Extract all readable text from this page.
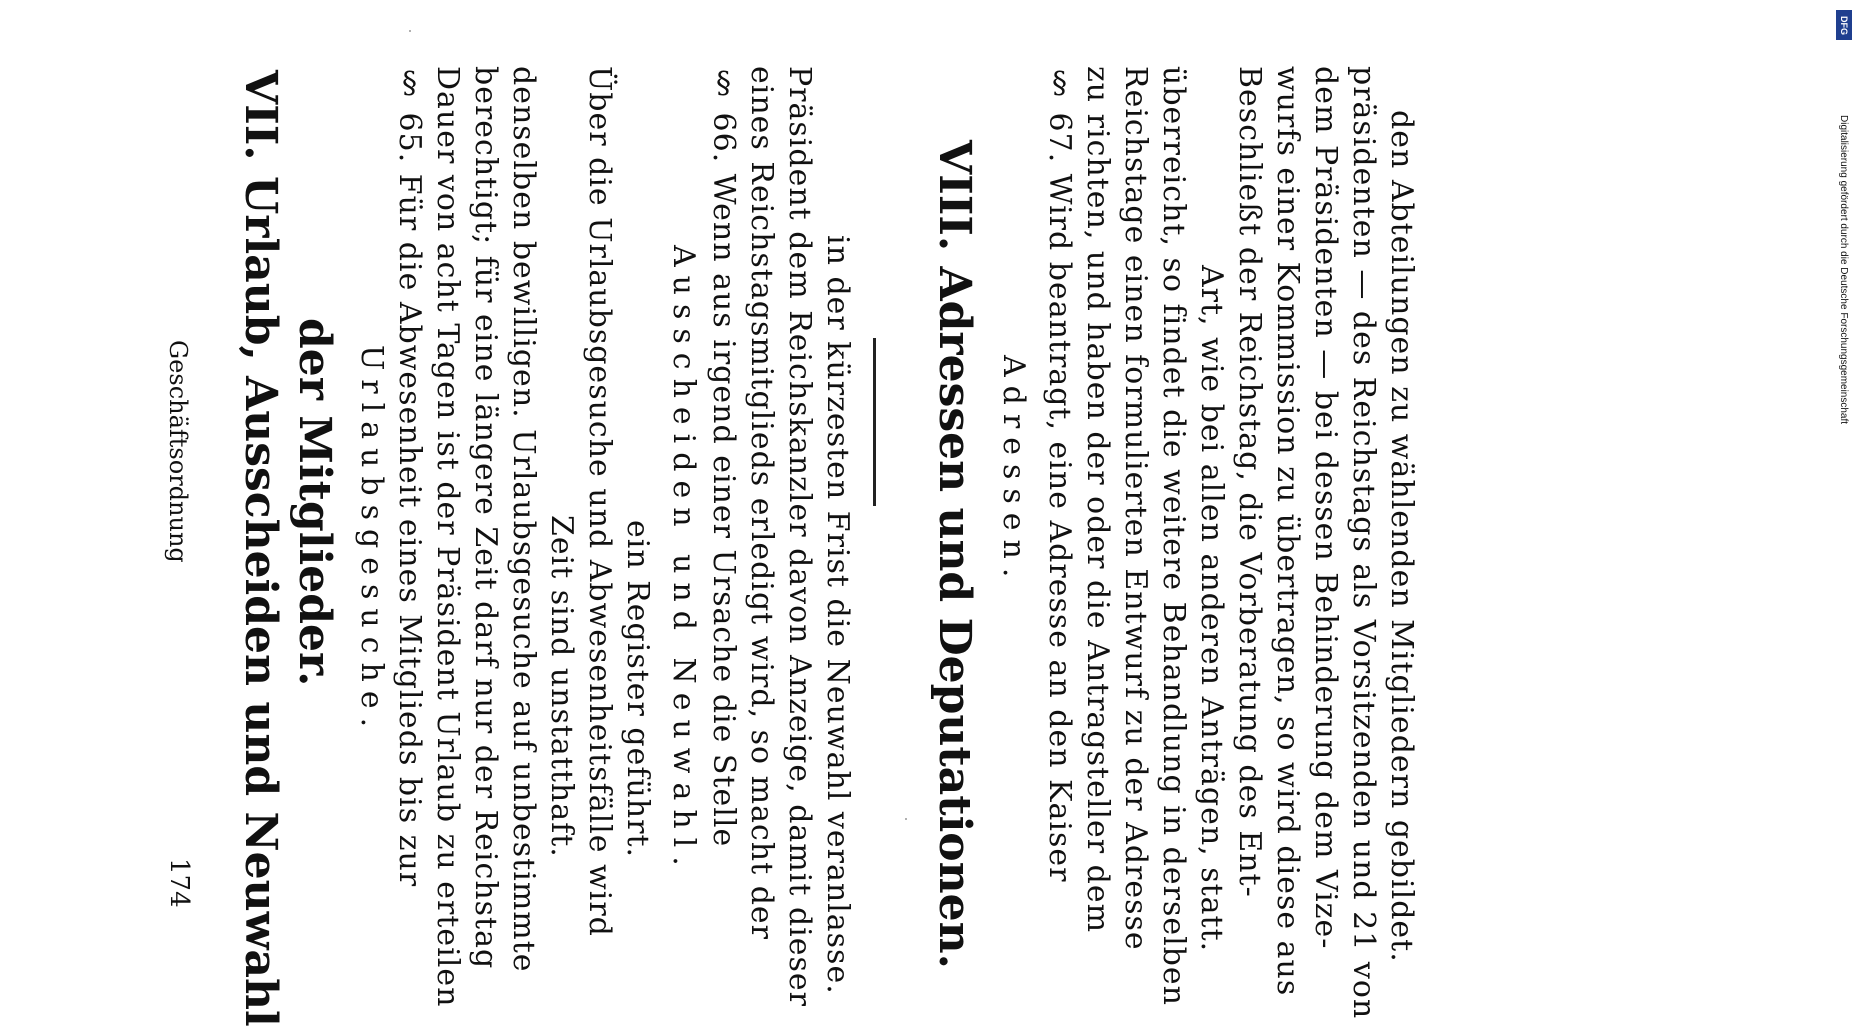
174
Geschäftsordnung VII. Urlaub, Ausscheiden und Neuwahl der Mitglieder. Urlaubsgesuche. § 65. Für die Abwesenheit eines Mitglieds bis zur Dauer von acht Tagen ist der Präsident Urlaub zu erteilen berechtigt; für eine längere Zeit darf nur der Reichstag denselben bewilligen. Urlaubsgesuche auf unbestimmte Zeit sind unstatthaft. Über die Urlaubsgesuche und Abwesenheitsfälle wird ein Register geführt. Ausscheiden und Neuwahl. § 66. Wenn aus irgend einer Ursache die Stelle eines Reichstagsmitglieds erledigt wird, so macht der Präsident dem Reichskanzler davon Anzeige, damit dieser in der kürzesten Frist die Neuwahl veranlasse. VIII. Adressen und Deputationen. Adressen. § 67. Wird beantragt, eine Adresse an den Kaiser zu richten, und haben der oder die Antragsteller dem Reichstage einen formulierten Entwurf zu der Adresse überreicht, so findet die weitere Behandlung in derselben Art, wie bei allen anderen Anträgen, statt. Beschließt der Reichstag, die Vorberatung des Ent- wurfs einer Kommission zu übertragen, so wird diese aus dem Präsidenten — bei dessen Behinderung dem Vize- präsidenten — des Reichstags als Vorsitzenden und 21 von den Abteilungen zu wählenden Mitgliedern gebildet.
DFG
Digitalisierung gefördert durch die Deutsche Forschungsgemeinschaft
